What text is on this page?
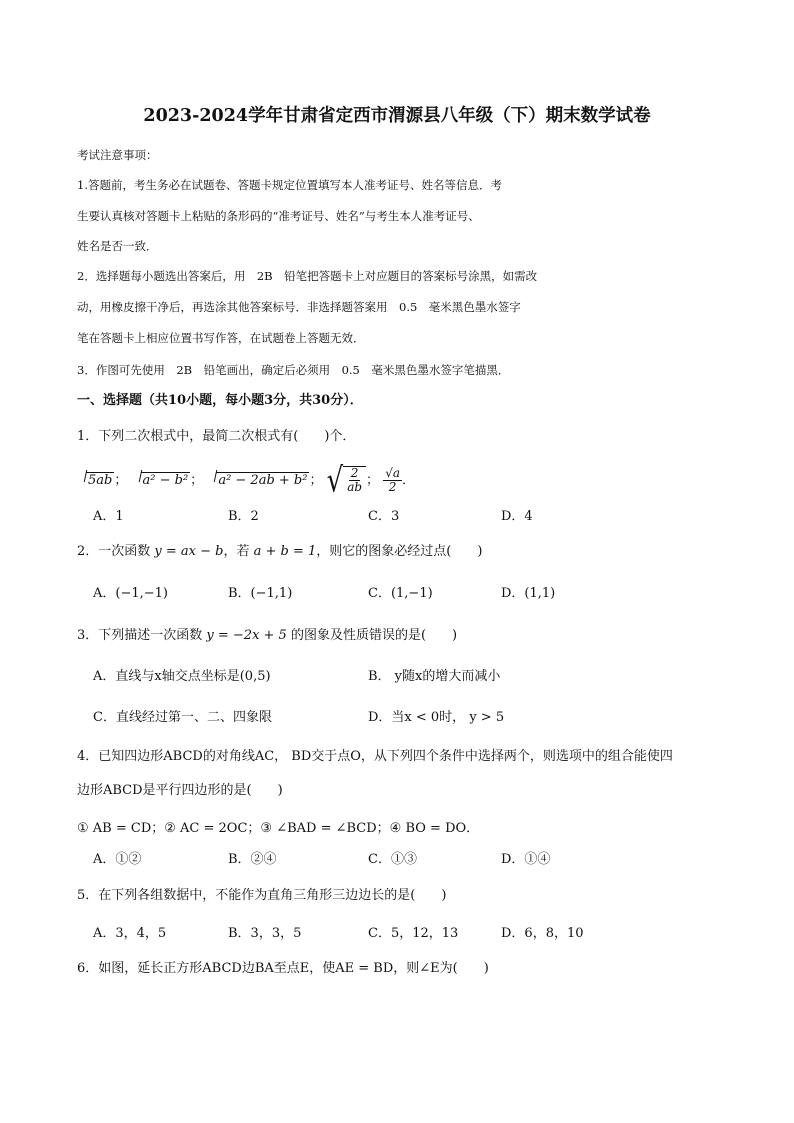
2023-2024学年甘肃省定西市渭源县八年级（下）期末数学试卷
考试注意事项：
1.答题前，考生务必在试题卷、答题卡规定位置填写本人准考证号、姓名等信息．考
生要认真核对答题卡上粘贴的条形码的“准考证号、姓名”与考生本人准考证号、
姓名是否一致．
2．选择题每小题选出答案后，用　2B　铅笔把答题卡上对应题目的答案标号涂黑，如需改
动，用橡皮擦干净后，再选涂其他答案标号．非选择题答案用　0.5　毫米黑色墨水签字
笔在答题卡上相应位置书写作答，在试题卷上答题无效．
3．作图可先使用　2B　铅笔画出，确定后必须用　0.5　毫米黑色墨水签字笔描黑．
一、选择题（共10小题，每小题3分，共30分）．
1．下列二次根式中，最简二次根式有(　　)个．
5ab ； a² − b² ； a² − 2ab + b² ； √ $\frac{2}{ab}$ ； $\frac{√a}{2}$ ．
A．1	B．2	C．3	D．4
2．一次函数 y = ax − b，若 a + b = 1，则它的图象必经过点(　　)
A．(−1,−1)	B．(−1,1)	C．(1,−1)	D．(1,1)
3．下列描述一次函数 y = −2x + 5 的图象及性质错误的是(　　)
A．直线与x轴交点坐标是(0,5)	B． y随x的增大而减小
C．直线经过第一、二、四象限	D．当x < 0时， y > 5
4．已知四边形ABCD的对角线AC， BD交于点O，从下列四个条件中选择两个，则选项中的组合能使四
边形ABCD是平行四边形的是(　　)
① AB = CD；② AC = 2OC；③ ∠BAD = ∠BCD；④ BO = DO．
A．①②	B．②④	C．①③	D．①④
5．在下列各组数据中，不能作为直角三角形三边边长的是(　　)
A．3，4，5	B．3，3，5	C．5，12，13	D．6，8，10
6．如图，延长正方形ABCD边BA至点E，使AE = BD，则∠E为(　　)
